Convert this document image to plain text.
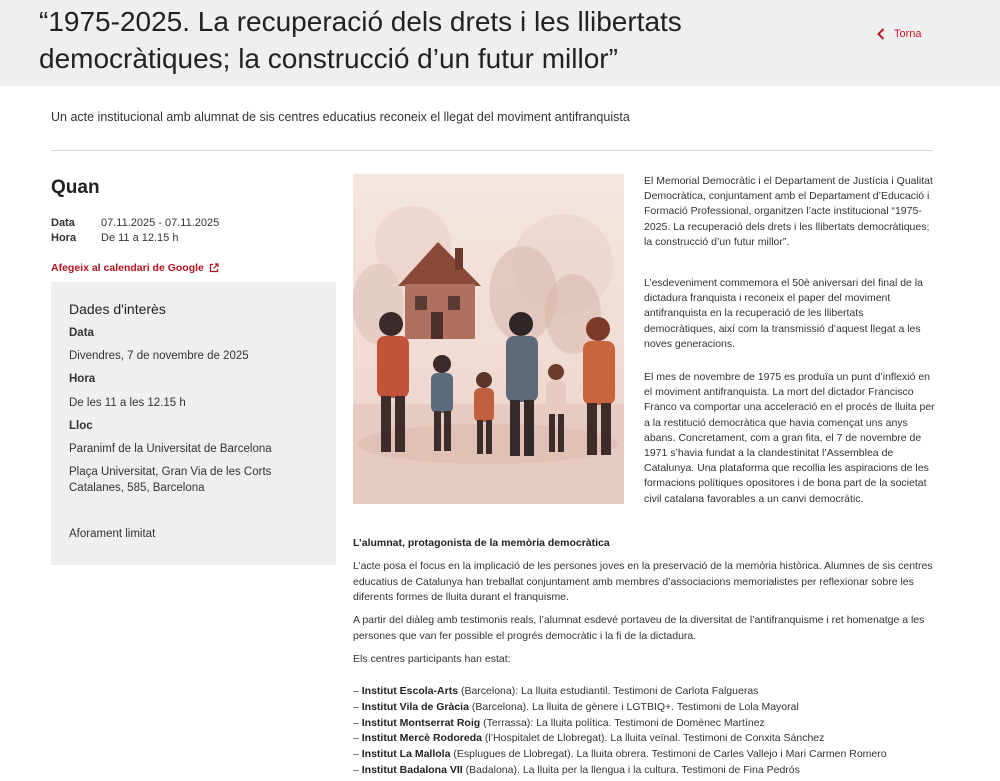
“1975-2025. La recuperació dels drets i les llibertats democràtiques; la construcció d’un futur millor”
Torna

Un acte institucional amb alumnat de sis centres educatius reconeix el llegat del moviment antifranquista

Quan
Data	07.11.2025 - 07.11.2025
Hora	De 11 a 12.15 h
Afegeix al calendari de Google
Dades d'interès
Data
Divendres, 7 de novembre de 2025
Hora
De les 11 a les 12.15 h
Lloc
Paranimf de la Universitat de Barcelona
Plaça Universitat, Gran Via de les Corts
Catalanes, 585, Barcelona
Aforament limitat

El Memorial Democràtic i el Departament de Justícia i Qualitat Democràtica, conjuntament amb el Departament d’Educació i Formació Professional, organitzen l’acte institucional “1975-2025. La recuperació dels drets i les llibertats democràtiques; la construcció d’un futur millor”.

L’esdeveniment commemora el 50è aniversari del final de la dictadura franquista i reconeix el paper del moviment antifranquista en la recuperació de les llibertats democràtiques, així com la transmissió d’aquest llegat a les noves generacions.

El mes de novembre de 1975 es produïa un punt d’inflexió en el moviment antifranquista. La mort del dictador Francisco Franco va comportar una acceleració en el procés de lluita per a la restitució democràtica que havia començat uns anys abans. Concretament, com a gran fita, el 7 de novembre de 1971 s’havia fundat a la clandestinitat l’Assemblea de Catalunya. Una plataforma que recollia les aspiracions de les formacions polítiques opositores i de bona part de la societat civil catalana favorables a un canvi democràtic.

L’alumnat, protagonista de la memòria democràtica

L’acte posa el focus en la implicació de les persones joves en la preservació de la memòria històrica. Alumnes de sis centres educatius de Catalunya han treballat conjuntament amb membres d’associacions memorialistes per reflexionar sobre les diferents formes de lluita durant el franquisme.

A partir del diàleg amb testimonis reals, l’alumnat esdevé portaveu de la diversitat de l’antifranquisme i ret homenatge a les persones que van fer possible el progrés democràtic i la fi de la dictadura.

Els centres participants han estat:

– Institut Escola-Arts (Barcelona): La lluita estudiantil. Testimoni de Carlota Falgueras
– Institut Vila de Gràcia (Barcelona). La lluita de gènere i LGTBIQ+. Testimoni de Lola Mayoral
– Institut Montserrat Roig (Terrassa): La lluita política. Testimoni de Domènec Martínez
– Institut Mercè Rodoreda (l’Hospitalet de Llobregat). La lluita veïnal. Testimoni de Conxita Sánchez
– Institut La Mallola (Esplugues de Llobregat). La lluita obrera. Testimoni de Carles Vallejo i Mari Carmen Romero
– Institut Badalona VII (Badalona). La lluita per la llengua i la cultura. Testimoni de Fina Pedrós
